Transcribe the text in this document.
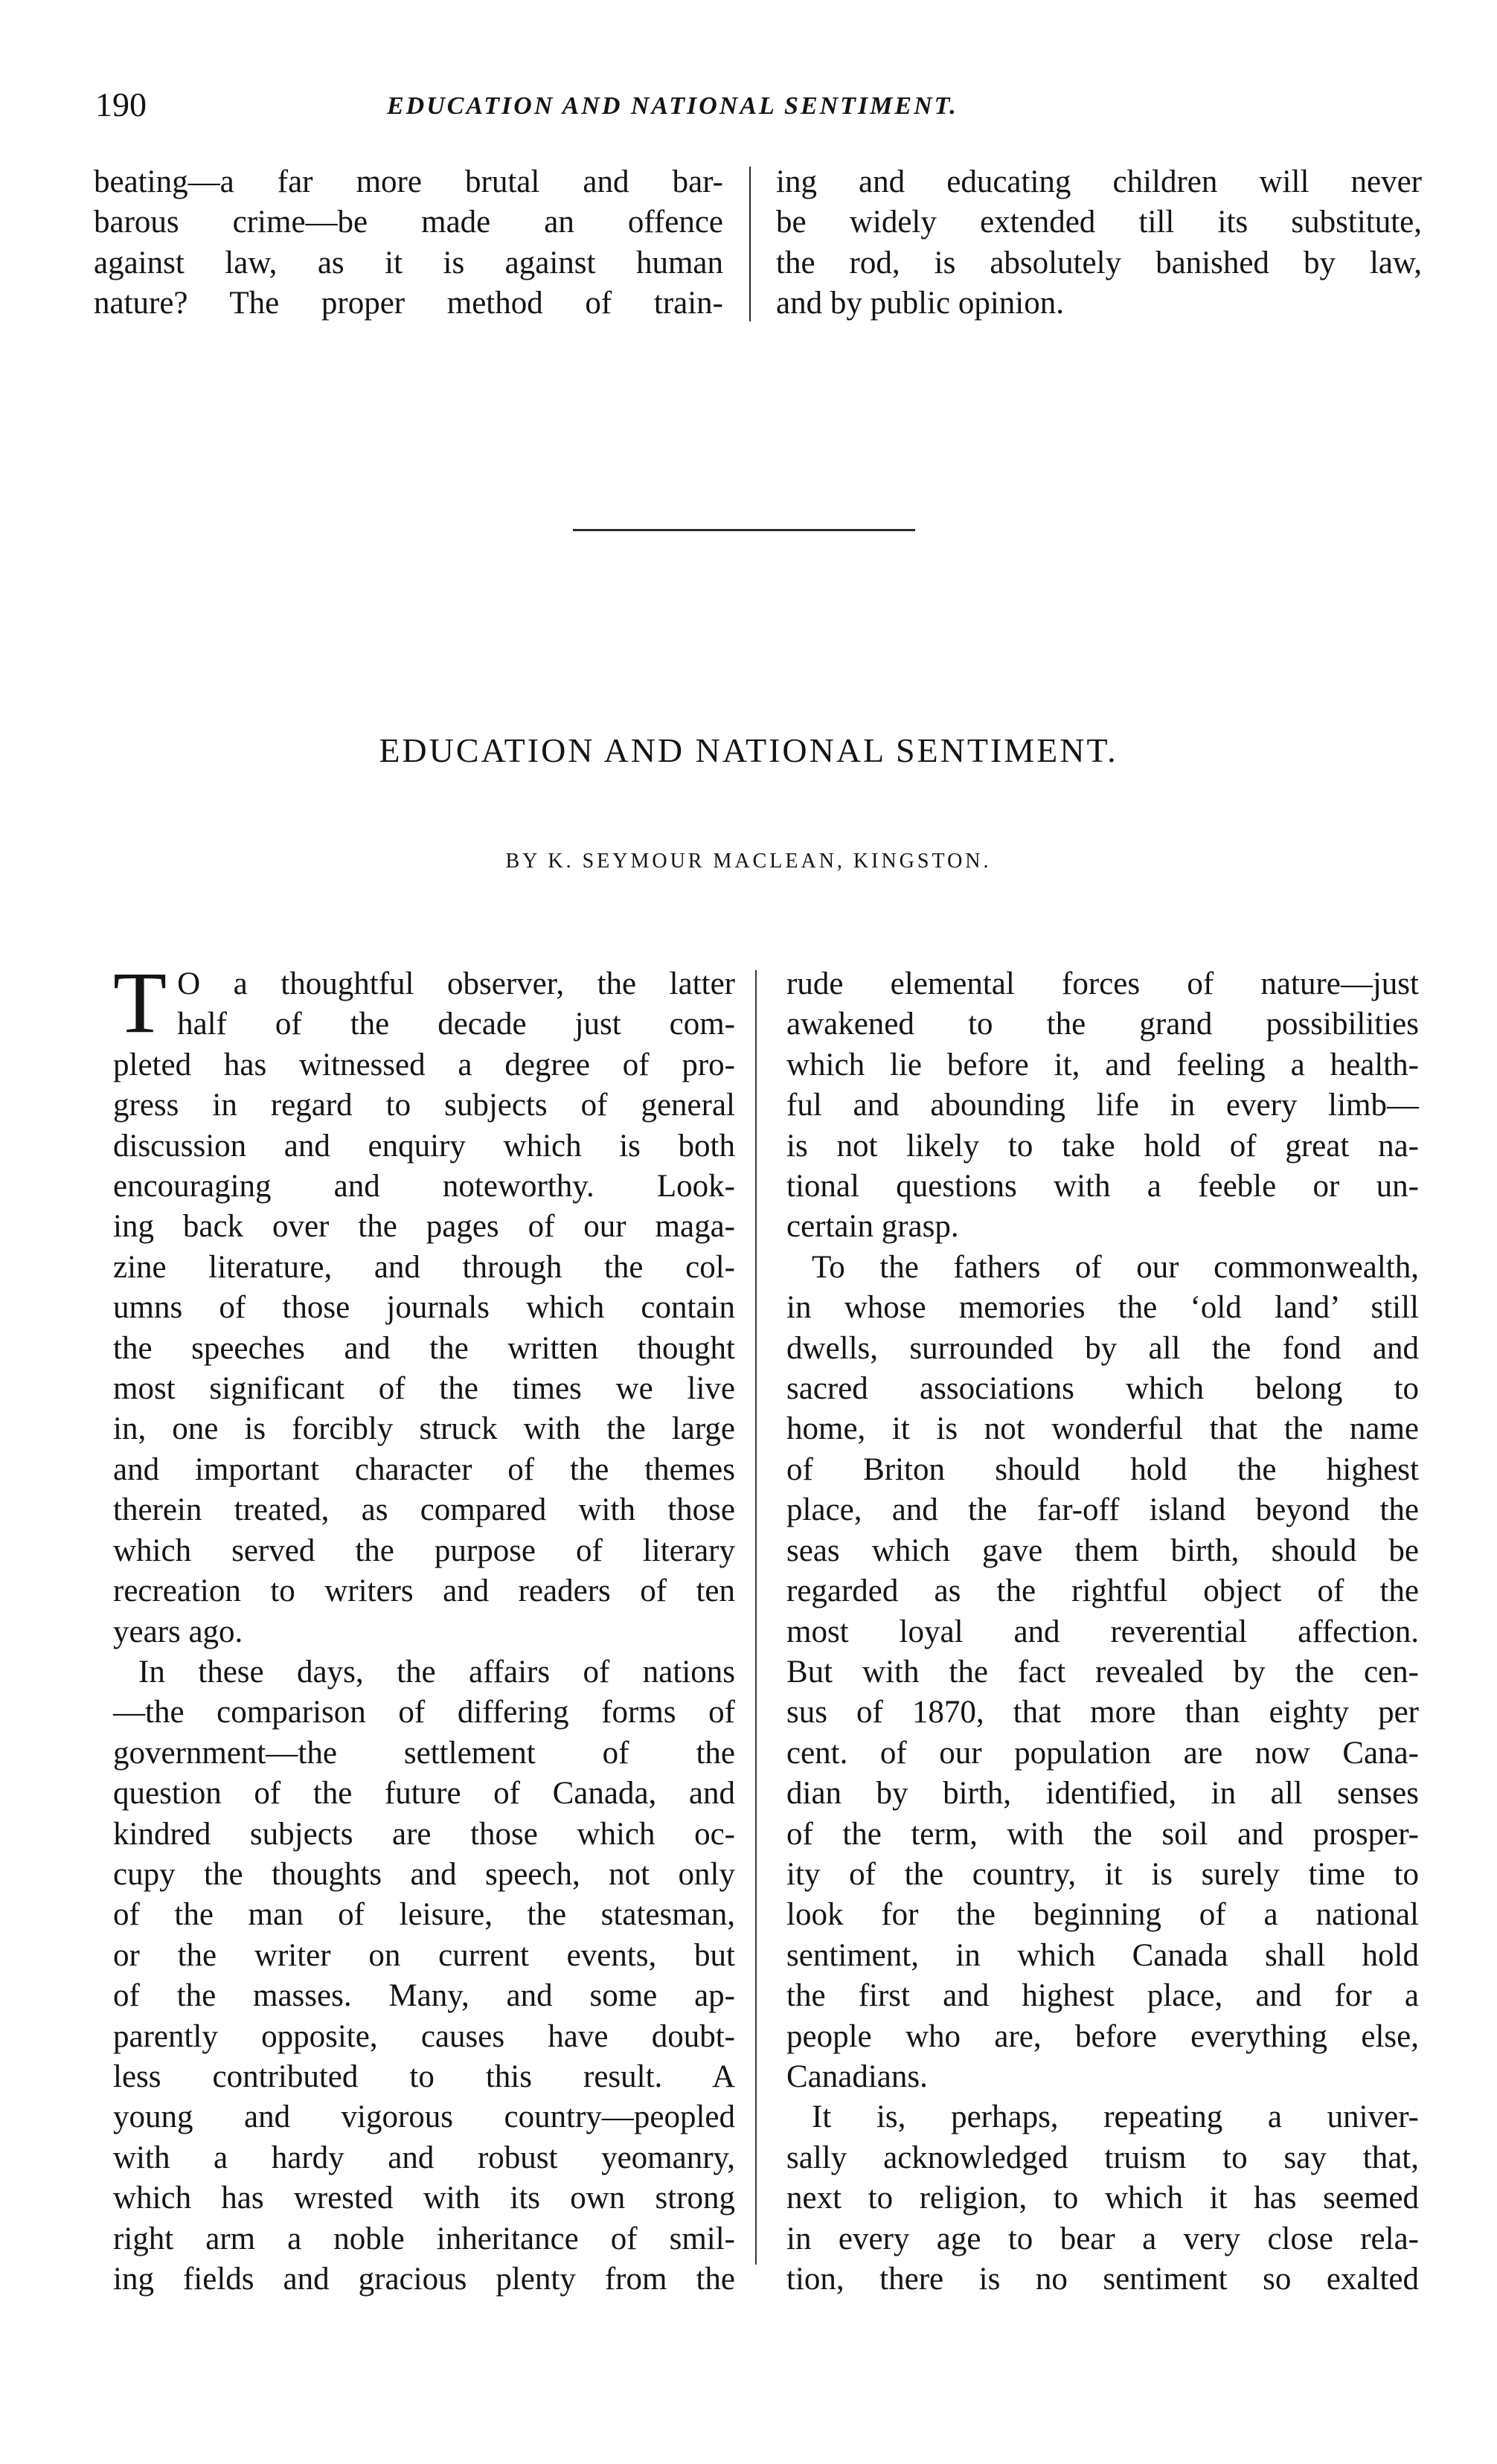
190	EDUCATION AND NATIONAL SENTIMENT.

beating—a far more brutal and bar-

barous crime—be made an offence

against law, as it is against human

nature? The proper method of train-

ing and educating children will never

be widely extended till its substitute,

the rod, is absolutely banished by law,

and by public opinion.

EDUCATION AND NATIONAL SENTIMENT.
BY K. SEYMOUR MACLEAN, KINGSTON.
T O a thoughtful observer, the latter

half of the decade just com-

pleted has witnessed a degree of pro-

gress in regard to subjects of general

discussion and enquiry which is both

encouraging and noteworthy. Look-

ing back over the pages of our maga-

zine literature, and through the col-

umns of those journals which contain

the speeches and the written thought

most significant of the times we live

in, one is forcibly struck with the large

and important character of the themes

therein treated, as compared with those

which served the purpose of literary

recreation to writers and readers of ten

years ago.

In these days, the affairs of nations

—the comparison of differing forms of

government—the settlement of the

question of the future of Canada, and

kindred subjects are those which oc-

cupy the thoughts and speech, not only

of the man of leisure, the statesman,

or the writer on current events, but

of the masses. Many, and some ap-

parently opposite, causes have doubt-

less contributed to this result. A

young and vigorous country—peopled

with a hardy and robust yeomanry,

which has wrested with its own strong

right arm a noble inheritance of smil-

ing fields and gracious plenty from the

rude elemental forces of nature—just

awakened to the grand possibilities

which lie before it, and feeling a health-

ful and abounding life in every limb—

is not likely to take hold of great na-

tional questions with a feeble or un-

certain grasp.

To the fathers of our commonwealth,

in whose memories the ‘old land’ still

dwells, surrounded by all the fond and

sacred associations which belong to

home, it is not wonderful that the name

of Briton should hold the highest

place, and the far-off island beyond the

seas which gave them birth, should be

regarded as the rightful object of the

most loyal and reverential affection.

But with the fact revealed by the cen-

sus of 1870, that more than eighty per

cent. of our population are now Cana-

dian by birth, identified, in all senses

of the term, with the soil and prosper-

ity of the country, it is surely time to

look for the beginning of a national

sentiment, in which Canada shall hold

the first and highest place, and for a

people who are, before everything else,

Canadians.

It is, perhaps, repeating a univer-

sally acknowledged truism to say that,

next to religion, to which it has seemed

in every age to bear a very close rela-

tion, there is no sentiment so exalted
